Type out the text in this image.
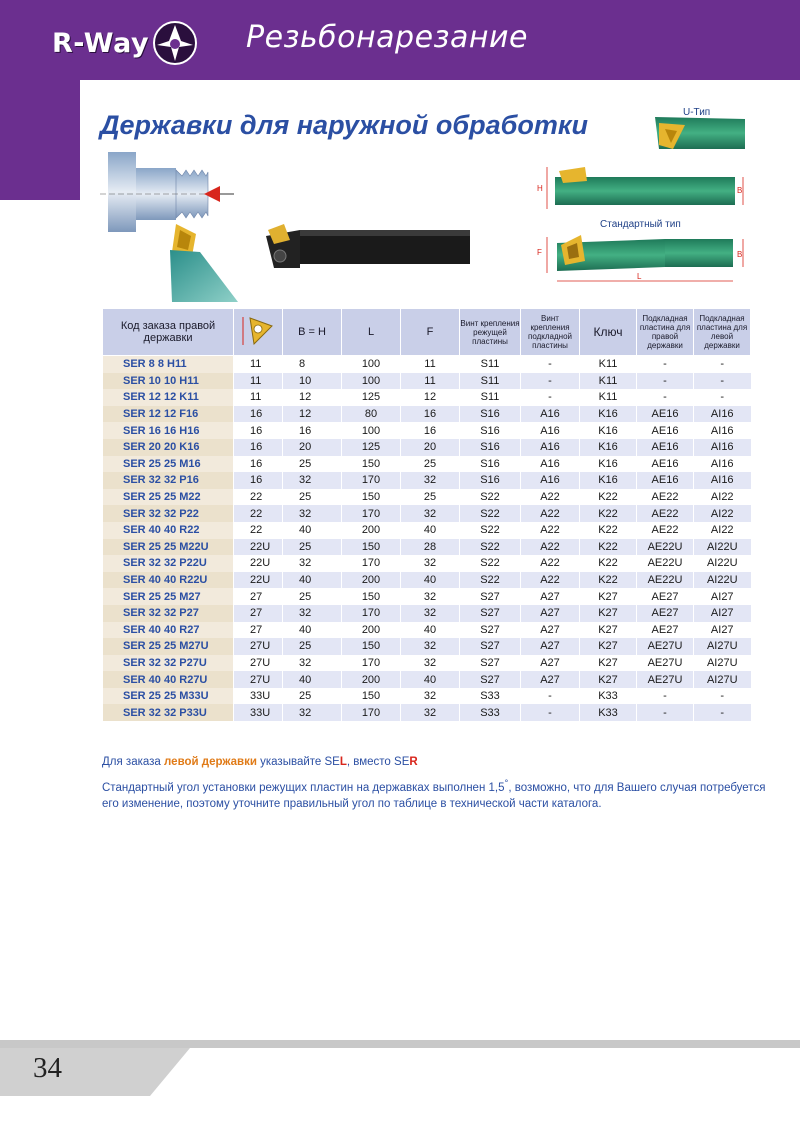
R-Way	Резьбонарезание
Державки для наружной обработки
H	B
F	B
L
U-Тип
Стандартный тип
Код заказа правой державки		B = H	L	F	Винт крепления режущей пластины	Винт крепления подкладной пластины	Ключ	Подкладная пластина для правой державки	Подкладная пластина для левой державки
SER 8 8 H11	11	8	100	11	S11	-	K11	-	-
SER 10 10 H11	11	10	100	11	S11	-	K11	-	-
SER 12 12 K11	11	12	125	12	S11	-	K11	-	-
SER 12 12 F16	16	12	80	16	S16	A16	K16	AE16	AI16
SER 16 16 H16	16	16	100	16	S16	A16	K16	AE16	AI16
SER 20 20 K16	16	20	125	20	S16	A16	K16	AE16	AI16
SER 25 25 M16	16	25	150	25	S16	A16	K16	AE16	AI16
SER 32 32 P16	16	32	170	32	S16	A16	K16	AE16	AI16
SER 25 25 M22	22	25	150	25	S22	A22	K22	AE22	AI22
SER 32 32 P22	22	32	170	32	S22	A22	K22	AE22	AI22
SER 40 40 R22	22	40	200	40	S22	A22	K22	AE22	AI22
SER 25 25 M22U	22U	25	150	28	S22	A22	K22	AE22U	AI22U
SER 32 32 P22U	22U	32	170	32	S22	A22	K22	AE22U	AI22U
SER 40 40 R22U	22U	40	200	40	S22	A22	K22	AE22U	AI22U
SER 25 25 M27	27	25	150	32	S27	A27	K27	AE27	AI27
SER 32 32 P27	27	32	170	32	S27	A27	K27	AE27	AI27
SER 40 40 R27	27	40	200	40	S27	A27	K27	AE27	AI27
SER 25 25 M27U	27U	25	150	32	S27	A27	K27	AE27U	AI27U
SER 32 32 P27U	27U	32	170	32	S27	A27	K27	AE27U	AI27U
SER 40 40 R27U	27U	40	200	40	S27	A27	K27	AE27U	AI27U
SER 25 25 M33U	33U	25	150	32	S33	-	K33	-	-
SER 32 32 P33U	33U	32	170	32	S33	-	K33	-	-
Для заказа левой державки указывайте SEL, вместо SER
Стандартный угол установки режущих пластин на державках выполнен 1,5°, возможно, что для Вашего случая потребуется его изменение, поэтому уточните правильный угол по таблице в технической части каталога.
34
